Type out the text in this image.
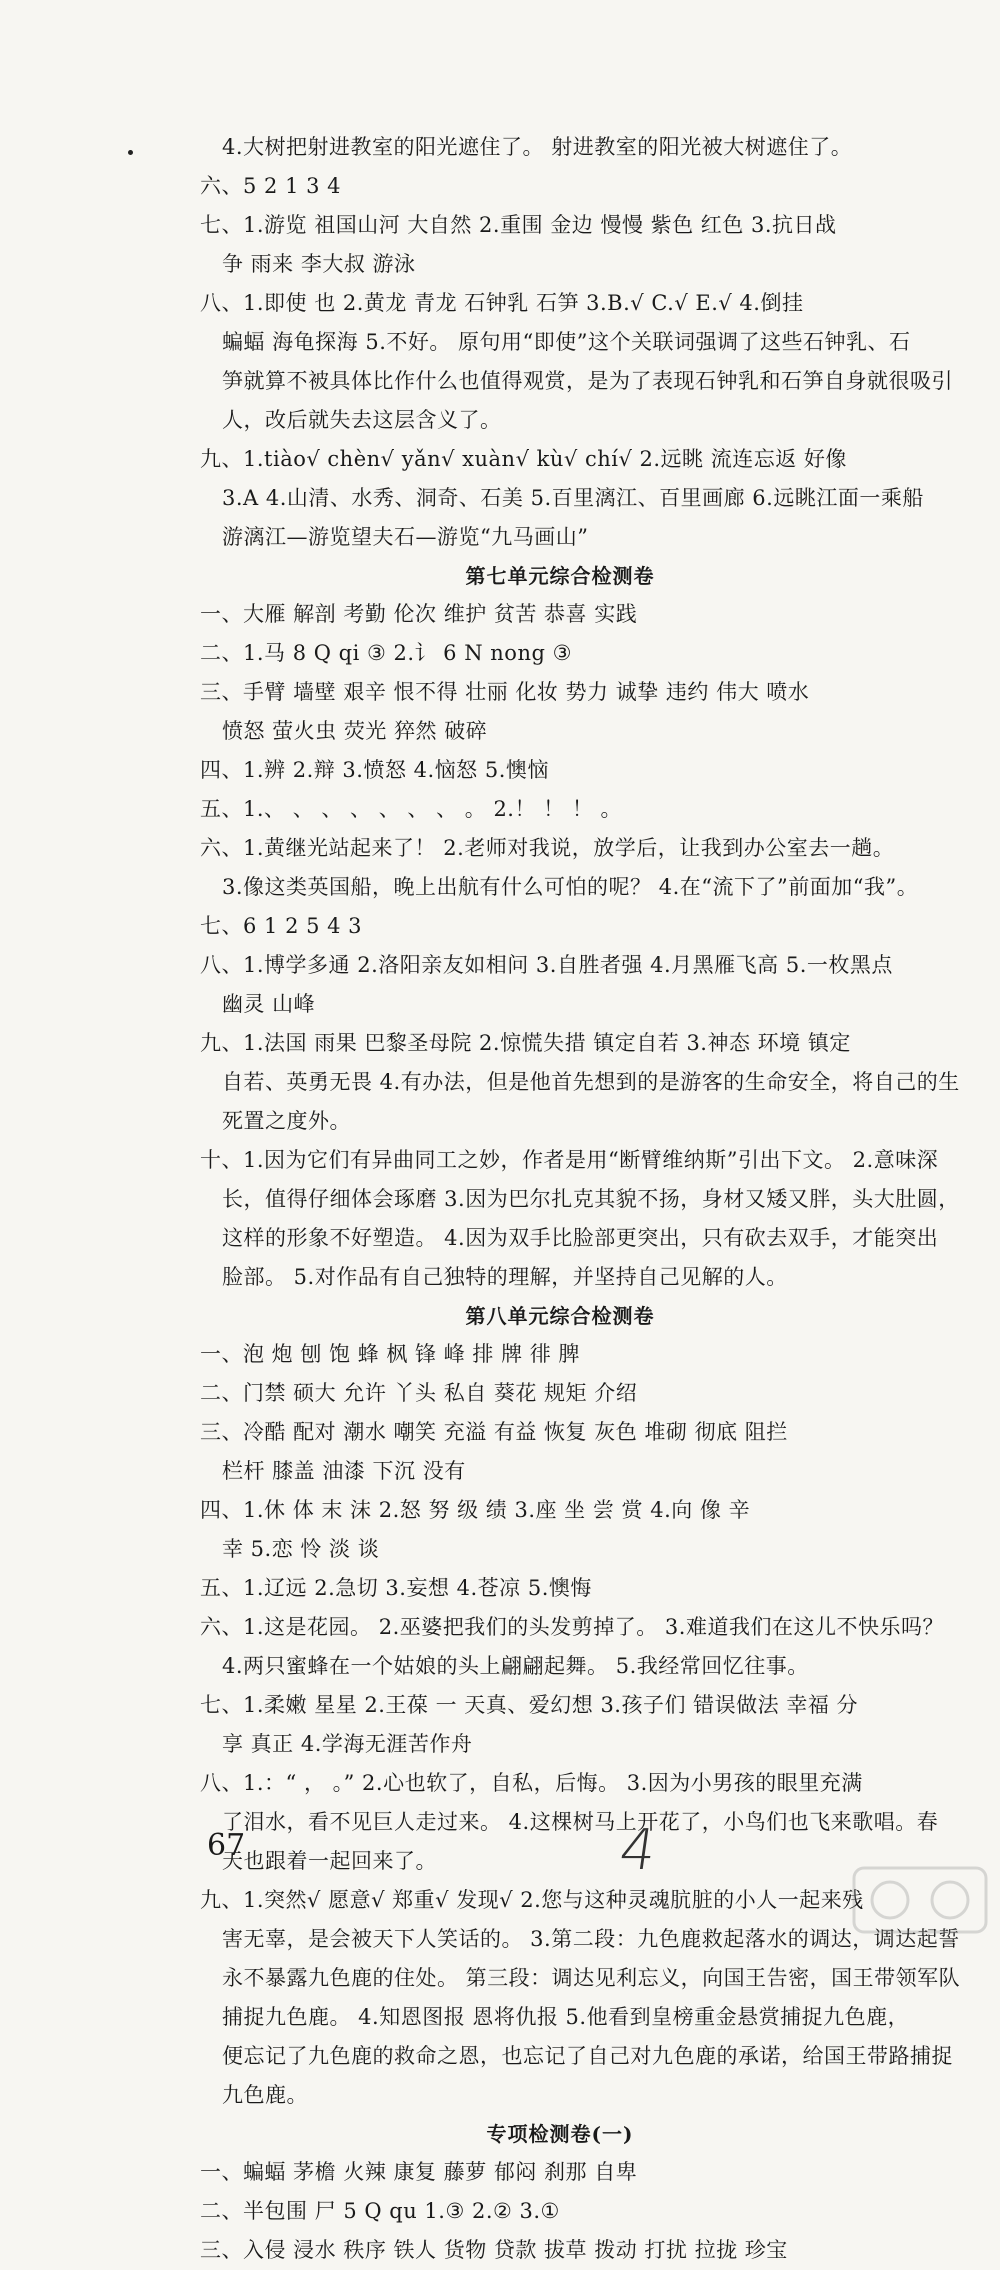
4.大树把射进教室的阳光遮住了。 射进教室的阳光被大树遮住了。
六、5 2 1 3 4
七、1.游览 祖国山河 大自然 2.重围 金边 慢慢 紫色 红色 3.抗日战
争 雨来 李大叔 游泳
八、1.即使 也 2.黄龙 青龙 石钟乳 石笋 3.B.√ C.√ E.√ 4.倒挂
蝙蝠 海龟探海 5.不好。 原句用“即使”这个关联词强调了这些石钟乳、石
笋就算不被具体比作什么也值得观赏，是为了表现石钟乳和石笋自身就很吸引
人，改后就失去这层含义了。
九、1.tiào√ chèn√ yǎn√ xuàn√ kù√ chí√ 2.远眺 流连忘返 好像
3.A 4.山清、水秀、洞奇、石美 5.百里漓江、百里画廊 6.远眺江面一乘船
游漓江—游览望夫石—游览“九马画山”
第七单元综合检测卷
一、大雁 解剖 考勤 伦次 维护 贫苦 恭喜 实践
二、1.马 8 Q qi ③ 2.讠 6 N nong ③
三、手臂 墙壁 艰辛 恨不得 壮丽 化妆 势力 诚挚 违约 伟大 喷水
愤怒 萤火虫 荧光 猝然 破碎
四、1.辨 2.辩 3.愤怒 4.恼怒 5.懊恼
五、1.、 、 、 、 、 、 、 。 2.！ ！ ！ 。
六、1.黄继光站起来了！ 2.老师对我说，放学后，让我到办公室去一趟。
3.像这类英国船，晚上出航有什么可怕的呢？ 4.在“流下了”前面加“我”。
七、6 1 2 5 4 3
八、1.博学多通 2.洛阳亲友如相问 3.自胜者强 4.月黑雁飞高 5.一枚黑点
幽灵 山峰
九、1.法国 雨果 巴黎圣母院 2.惊慌失措 镇定自若 3.神态 环境 镇定
自若、英勇无畏 4.有办法，但是他首先想到的是游客的生命安全，将自己的生
死置之度外。
十、1.因为它们有异曲同工之妙，作者是用“断臂维纳斯”引出下文。 2.意味深
长，值得仔细体会琢磨 3.因为巴尔扎克其貌不扬，身材又矮又胖，头大肚圆，
这样的形象不好塑造。 4.因为双手比脸部更突出，只有砍去双手，才能突出
脸部。 5.对作品有自己独特的理解，并坚持自己见解的人。
第八单元综合检测卷
一、泡 炮 刨 饱 蜂 枫 锋 峰 排 牌 徘 脾
二、门禁 硕大 允许 丫头 私自 葵花 规矩 介绍
三、冷酷 配对 潮水 嘲笑 充溢 有益 恢复 灰色 堆砌 彻底 阻拦
栏杆 膝盖 油漆 下沉 没有
四、1.休 体 末 沫 2.怒 努 级 绩 3.座 坐 尝 赏 4.向 像 辛
幸 5.恋 怜 淡 谈
五、1.辽远 2.急切 3.妄想 4.苍凉 5.懊悔
六、1.这是花园。 2.巫婆把我们的头发剪掉了。 3.难道我们在这儿不快乐吗？
4.两只蜜蜂在一个姑娘的头上翩翩起舞。 5.我经常回忆往事。
七、1.柔嫩 星星 2.王葆 一 天真、爱幻想 3.孩子们 错误做法 幸福 分
享 真正 4.学海无涯苦作舟
八、1.：“ ， 。” 2.心也软了，自私，后悔。 3.因为小男孩的眼里充满
了泪水，看不见巨人走过来。 4.这棵树马上开花了，小鸟们也飞来歌唱。春
天也跟着一起回来了。
九、1.突然√ 愿意√ 郑重√ 发现√ 2.您与这种灵魂肮脏的小人一起来残
害无辜，是会被天下人笑话的。 3.第二段：九色鹿救起落水的调达，调达起誓
永不暴露九色鹿的住处。 第三段：调达见利忘义，向国王告密，国王带领军队
捕捉九色鹿。 4.知恩图报 恩将仇报 5.他看到皇榜重金悬赏捕捉九色鹿，
便忘记了九色鹿的救命之恩，也忘记了自己对九色鹿的承诺，给国王带路捕捉
九色鹿。
专项检测卷(一)
一、蝙蝠 茅檐 火辣 康复 藤萝 郁闷 刹那 自卑
二、半包围 尸 5 Q qu 1.③ 2.② 3.①
三、入侵 浸水 秩序 铁人 货物 贷款 拔草 拨动 打扰 拉拢 珍宝
67	4
